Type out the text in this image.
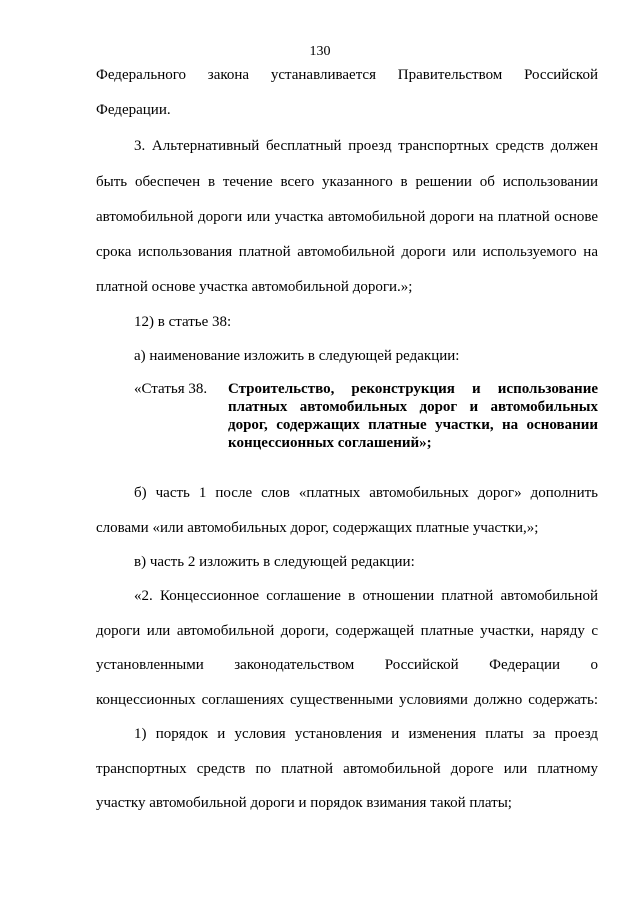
130
Федерального закона устанавливается Правительством Российской
Федерации.
3. Альтернативный бесплатный проезд транспортных средств должен
быть обеспечен в течение всего указанного в решении об использовании
автомобильной дороги или участка автомобильной дороги на платной основе
срока использования платной автомобильной дороги или используемого на
платной основе участка автомобильной дороги.»;
12) в статье 38:
а) наименование изложить в следующей редакции:
«Статья 38. Строительство, реконструкция и использование
платных автомобильных дорог и автомобильных
дорог, содержащих платные участки, на основании
концессионных соглашений»;
б) часть 1 после слов «платных автомобильных дорог» дополнить
словами «или автомобильных дорог, содержащих платные участки,»;
в) часть 2 изложить в следующей редакции:
«2. Концессионное соглашение в отношении платной автомобильной
дороги или автомобильной дороги, содержащей платные участки, наряду с
установленными законодательством Российской Федерации о
концессионных соглашениях существенными условиями должно содержать:
1) порядок и условия установления и изменения платы за проезд
транспортных средств по платной автомобильной дороге или платному
участку автомобильной дороги и порядок взимания такой платы;
